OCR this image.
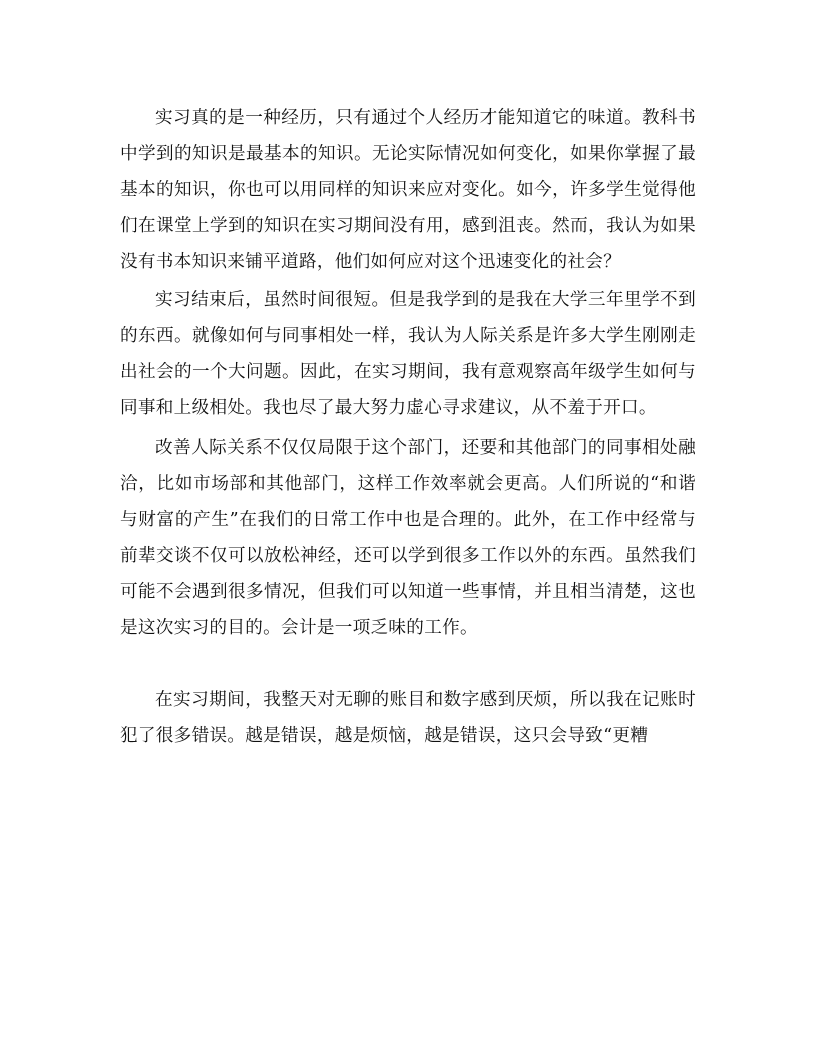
实习真的是一种经历，只有通过个人经历才能知道它的味道。教科书中学到的知识是最基本的知识。无论实际情况如何变化，如果你掌握了最基本的知识，你也可以用同样的知识来应对变化。如今，许多学生觉得他们在课堂上学到的知识在实习期间没有用，感到沮丧。然而，我认为如果没有书本知识来铺平道路，他们如何应对这个迅速变化的社会？

实习结束后，虽然时间很短。但是我学到的是我在大学三年里学不到的东西。就像如何与同事相处一样，我认为人际关系是许多大学生刚刚走出社会的一个大问题。因此，在实习期间，我有意观察高年级学生如何与同事和上级相处。我也尽了最大努力虚心寻求建议，从不羞于开口。

改善人际关系不仅仅局限于这个部门，还要和其他部门的同事相处融洽，比如市场部和其他部门，这样工作效率就会更高。人们所说的“和谐与财富的产生”在我们的日常工作中也是合理的。此外，在工作中经常与前辈交谈不仅可以放松神经，还可以学到很多工作以外的东西。虽然我们可能不会遇到很多情况，但我们可以知道一些事情，并且相当清楚，这也是这次实习的目的。会计是一项乏味的工作。

在实习期间，我整天对无聊的账目和数字感到厌烦，所以我在记账时犯了很多错误。越是错误，越是烦恼，越是错误，这只会导致“更糟
